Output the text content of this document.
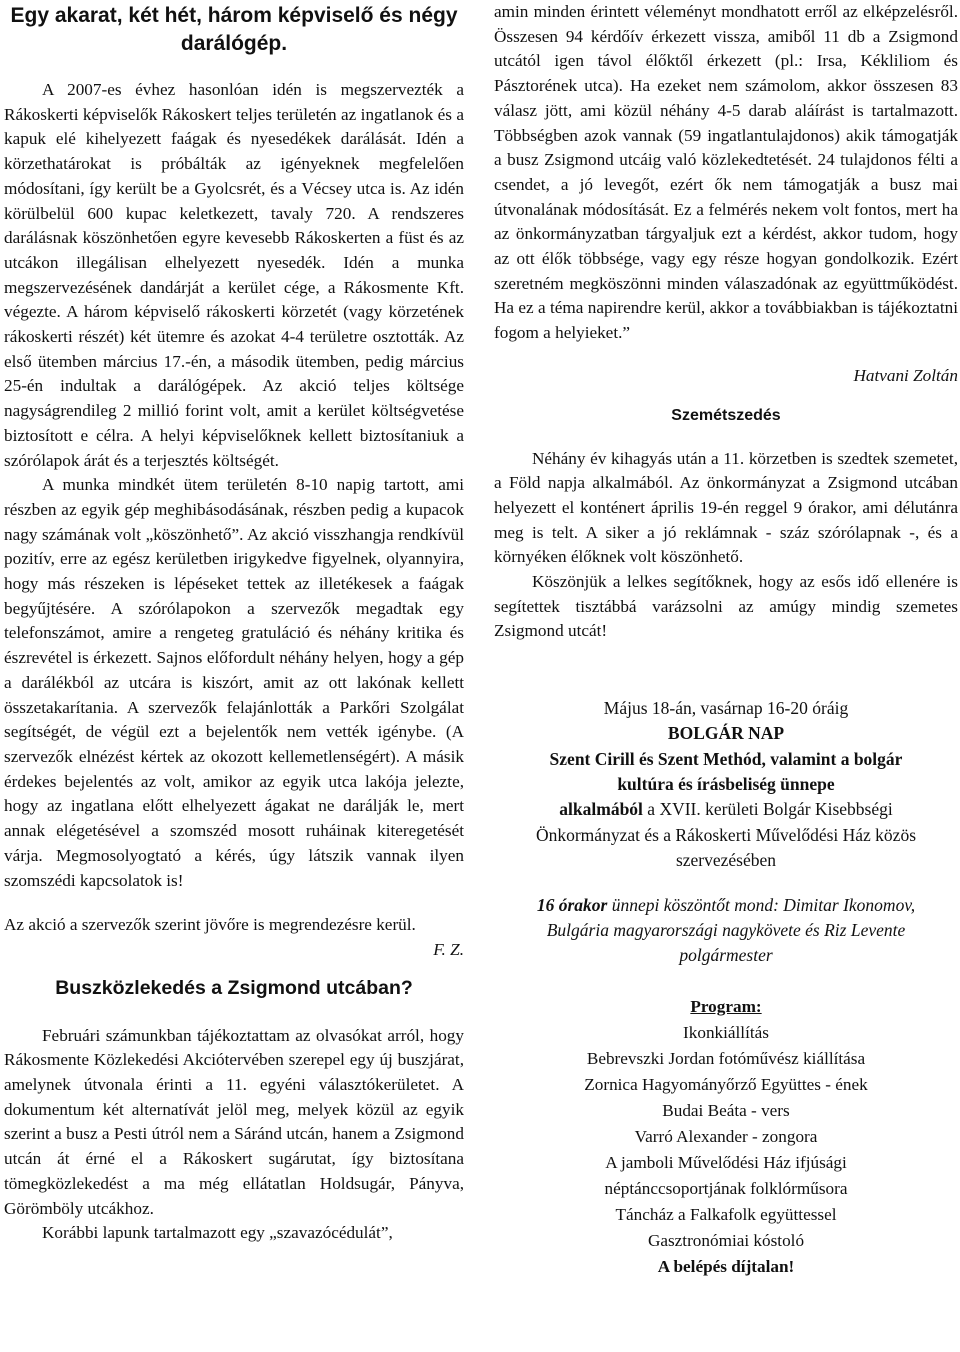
Egy akarat, két hét, három képviselő és négy darálógép.

A 2007-es évhez hasonlóan idén is megszervezték a Rákoskerti képviselők Rákoskert teljes területén az ingatlanok és a kapuk elé kihelyezett faágak és nyesedékek darálását. Idén a körzethatárokat is próbálták az igényeknek megfelelően módosítani, így került be a Gyolcsrét, és a Vécsey utca is. Az idén körülbelül 600 kupac keletkezett, tavaly 720. A rendszeres darálásnak köszönhetően egyre kevesebb Rákoskerten a füst és az utcákon illegálisan elhelyezett nyesedék. Idén a munka megszervezésének dandárját a kerület cége, a Rákosmente Kft. végezte. A három képviselő rákoskerti körzetét (vagy körzetének rákoskerti részét) két ütemre és azokat 4-4 területre osztották. Az első ütemben március 17.-én, a második ütemben, pedig március 25-én indultak a darálógépek. Az akció teljes költsége nagyságrendileg 2 millió forint volt, amit a kerület költségvetése biztosított e célra. A helyi képviselőknek kellett biztosítaniuk a szórólapok árát és a terjesztés költségét.

A munka mindkét ütem területén 8-10 napig tartott, ami részben az egyik gép meghibásodásának, részben pedig a kupacok nagy számának volt „köszönhető”. Az akció visszhangja rendkívül pozitív, erre az egész kerületben irigykedve figyelnek, olyannyira, hogy más részeken is lépéseket tettek az illetékesek a faágak begyűjtésére. A szórólapokon a szervezők megadtak egy telefonszámot, amire a rengeteg gratuláció és néhány kritika és észrevétel is érkezett. Sajnos előfordult néhány helyen, hogy a gép a darálékból az utcára is kiszórt, amit az ott lakónak kellett összetakarítania. A szervezők felajánlották a Parkőri Szolgálat segítségét, de végül ezt a bejelentők nem vették igénybe. (A szervezők elnézést kértek az okozott kellemetlenségért). A másik érdekes bejelentés az volt, amikor az egyik utca lakója jelezte, hogy az ingatlana előtt elhelyezett ágakat ne darálják le, mert annak elégetésével a szomszéd mosott ruháinak kiteregetését várja. Megmosolyogtató a kérés, úgy látszik vannak ilyen szomszédi kapcsolatok is!

Az akció a szervezők szerint jövőre is megrendezésre kerül.

F. Z.

Buszközlekedés a Zsigmond utcában?

Februári számunkban tájékoztattam az olvasókat arról, hogy Rákosmente Közlekedési Akciótervében szerepel egy új buszjárat, amelynek útvonala érinti a 11. egyéni választókerületet. A dokumentum két alternatívát jelöl meg, melyek közül az egyik szerint a busz a Pesti útról nem a Sáránd utcán, hanem a Zsigmond utcán át érné el a Rákoskert sugárutat, így biztosítana tömegközlekedést a ma még ellátatlan Holdsugár, Pányva, Görömböly utcákhoz.

Korábbi lapunk tartalmazott egy „szavazócédulát”,

amin minden érintett véleményt mondhatott erről az elképzelésről. Összesen 94 kérdőív érkezett vissza, amiből 11 db a Zsigmond utcától igen távol élőktől érkezett (pl.: Irsa, Kékliliom és Pásztorének utca). Ha ezeket nem számolom, akkor összesen 83 válasz jött, ami közül néhány 4-5 darab aláírást is tartalmazott. Többségben azok vannak (59 ingatlantulajdonos) akik támogatják a busz Zsigmond utcáig való közlekedtetését. 24 tulajdonos félti a csendet, a jó levegőt, ezért ők nem támogatják a busz mai útvonalának módosítását. Ez a felmérés nekem volt fontos, mert ha az önkormányzatban tárgyaljuk ezt a kérdést, akkor tudom, hogy az ott élők többsége, vagy egy része hogyan gondolkozik. Ezért szeretném megköszönni minden válaszadónak az együttműködést. Ha ez a téma napirendre kerül, akkor a továbbiakban is tájékoztatni fogom a helyieket.”

Hatvani Zoltán

Szemétszedés

Néhány év kihagyás után a 11. körzetben is szedtek szemetet, a Föld napja alkalmából. Az önkormányzat a Zsigmond utcában helyezett el konténert április 19-én reggel 9 órakor, ami délutánra meg is telt. A siker a jó reklámnak - száz szórólapnak -, és a környéken élőknek volt köszönhető.

Köszönjük a lelkes segítőknek, hogy az esős idő ellenére is segítettek tisztábbá varázsolni az amúgy mindig szemetes Zsigmond utcát!

Május 18-án, vasárnap 16-20 óráig

BOLGÁR NAP

Szent Cirill és Szent Methód, valamint a bolgár

kultúra és írásbeliség ünnepe

alkalmából a XVII. kerületi Bolgár Kisebbségi

Önkormányzat és a Rákoskerti Művelődési Ház közös

szervezésében

16 órakor ünnepi köszöntőt mond: Dimitar Ikonomov,

Bulgária magyarországi nagykövete és Riz Levente

polgármester

Program:

Ikonkiállítás

Bebrevszki Jordan fotóművész kiállítása

Zornica Hagyományőrző Együttes - ének

Budai Beáta - vers

Varró Alexander - zongora

A jamboli Művelődési Ház ifjúsági

néptánccsoportjának folklórműsora

Táncház a Falkafolk együttessel

Gasztronómiai kóstoló

A belépés díjtalan!
